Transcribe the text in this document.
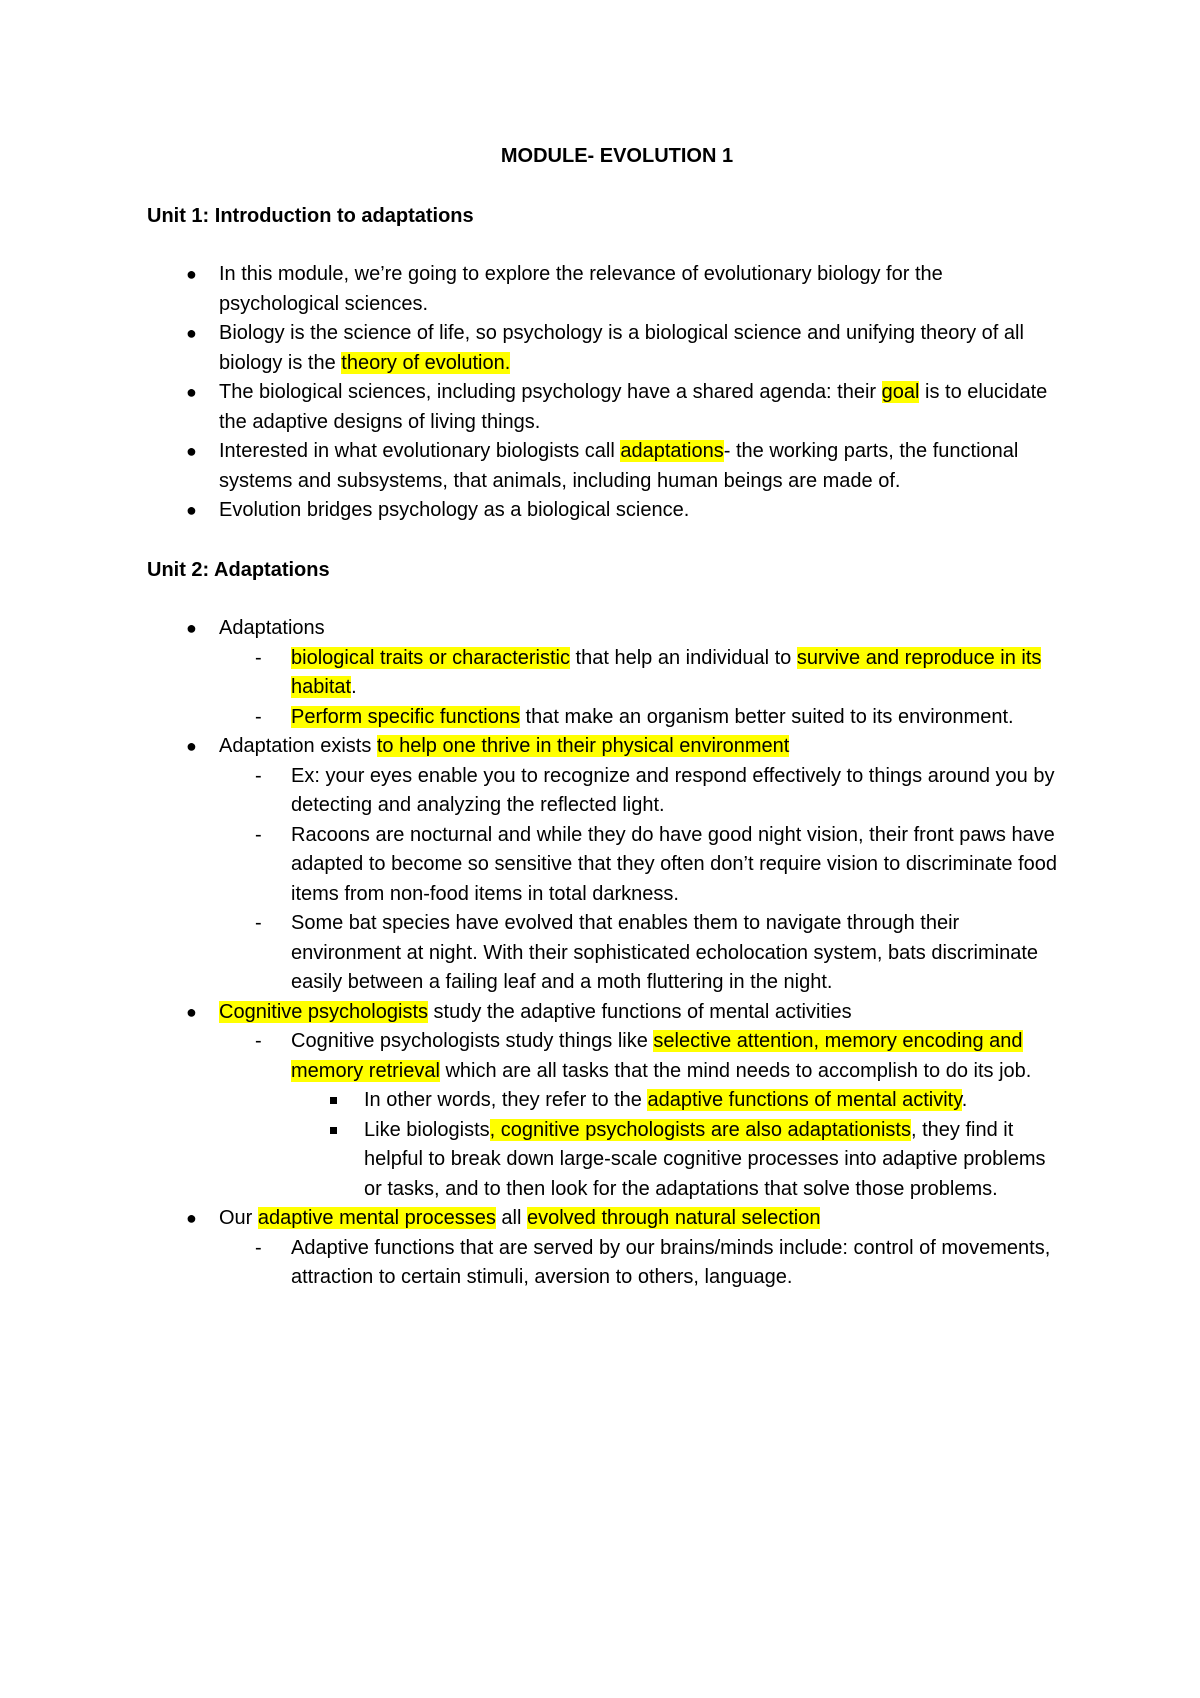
MODULE- EVOLUTION 1
Unit 1: Introduction to adaptations
● In this module, we’re going to explore the relevance of evolutionary biology for the psychological sciences.
● Biology is the science of life, so psychology is a biological science and unifying theory of all biology is the theory of evolution.
● The biological sciences, including psychology have a shared agenda: their goal is to elucidate the adaptive designs of living things.
● Interested in what evolutionary biologists call adaptations- the working parts, the functional systems and subsystems, that animals, including human beings are made of.
● Evolution bridges psychology as a biological science.
Unit 2: Adaptations
● Adaptations
- biological traits or characteristic that help an individual to survive and reproduce in its habitat.
- Perform specific functions that make an organism better suited to its environment.
● Adaptation exists to help one thrive in their physical environment
- Ex: your eyes enable you to recognize and respond effectively to things around you by detecting and analyzing the reflected light.
- Racoons are nocturnal and while they do have good night vision, their front paws have adapted to become so sensitive that they often don’t require vision to discriminate food items from non-food items in total darkness.
- Some bat species have evolved that enables them to navigate through their environment at night. With their sophisticated echolocation system, bats discriminate easily between a failing leaf and a moth fluttering in the night.
● Cognitive psychologists study the adaptive functions of mental activities
- Cognitive psychologists study things like selective attention, memory encoding and memory retrieval which are all tasks that the mind needs to accomplish to do its job.
In other words, they refer to the adaptive functions of mental activity.
Like biologists, cognitive psychologists are also adaptationists, they find it helpful to break down large-scale cognitive processes into adaptive problems or tasks, and to then look for the adaptations that solve those problems.
● Our adaptive mental processes all evolved through natural selection
- Adaptive functions that are served by our brains/minds include: control of movements, attraction to certain stimuli, aversion to others, language.
